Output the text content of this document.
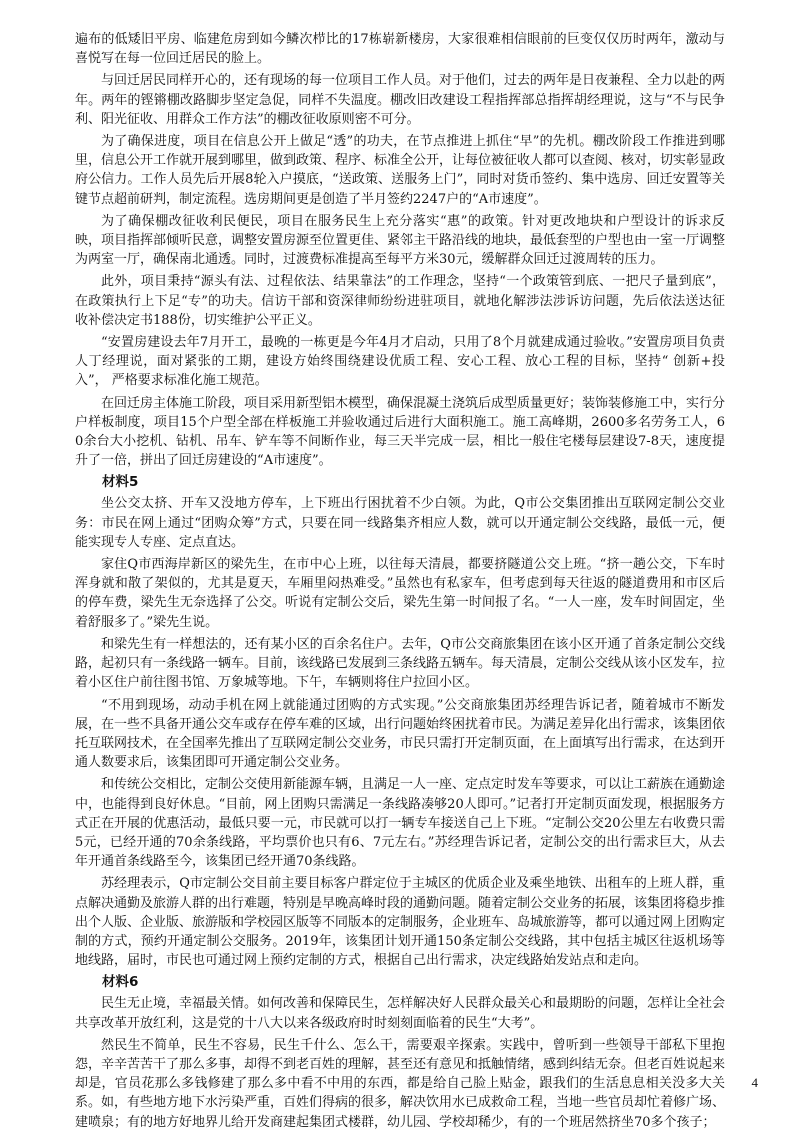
遍布的低矮旧平房、临建危房到如今鳞次栉比的17栋崭新楼房，大家很难相信眼前的巨变仅仅历时两年，激动与喜悦写在每一位回迁居民的脸上。

与回迁居民同样开心的，还有现场的每一位项目工作人员。对于他们，过去的两年是日夜兼程、全力以赴的两年。两年的铿锵棚改路脚步坚定急促，同样不失温度。棚改旧改建设工程指挥部总指挥胡经理说，这与“不与民争利、阳光征收、用群众工作方法”的棚改征收原则密不可分。

为了确保进度，项目在信息公开上做足“透”的功夫，在节点推进上抓住“早”的先机。棚改阶段工作推进到哪里，信息公开工作就开展到哪里，做到政策、程序、标准全公开，让每位被征收人都可以查阅、核对，切实彰显政府公信力。工作人员先后开展8轮入户摸底，“送政策、送服务上门”，同时对货币签约、集中选房、回迁安置等关键节点超前研判，制定流程。选房期间更是创造了半月签约2247户的“A市速度”。

为了确保棚改征收利民便民，项目在服务民生上充分落实“惠”的政策。针对更改地块和户型设计的诉求反映，项目指挥部倾听民意，调整安置房源至位置更佳、紧邻主干路沿线的地块，最低套型的户型也由一室一厅调整为两室一厅，确保南北通透。同时，过渡费标准提高至每平方米30元，缓解群众回迁过渡周转的压力。

此外，项目秉持“源头有法、过程依法、结果靠法”的工作理念，坚持“一个政策管到底、一把尺子量到底”，在政策执行上下足“专”的功夫。信访干部和资深律师纷纷进驻项目，就地化解涉法涉诉访问题，先后依法送达征收补偿决定书188份，切实维护公平正义。

“安置房建设去年7月开工，最晚的一栋更是今年4月才启动，只用了8个月就建成通过验收。”安置房项目负责人丁经理说，面对紧张的工期，建设方始终围绕建设优质工程、安心工程、放心工程的目标，坚持“ 创新+投入”， 严格要求标准化施工规范。

在回迁房主体施工阶段，项目采用新型铝木模型，确保混凝土浇筑后成型质量更好；装饰装修施工中，实行分户样板制度，项目15个户型全部在样板施工并验收通过后进行大面积施工。施工高峰期，2600多名劳务工人，60余台大小挖机、钻机、吊车、铲车等不间断作业，每三天半完成一层，相比一般住宅楼每层建设7-8天，速度提升了一倍，拼出了回迁房建设的“A市速度”。

材料5

坐公交太挤、开车又没地方停车，上下班出行困扰着不少白领。为此，Q市公交集团推出互联网定制公交业务：市民在网上通过“团购众筹”方式，只要在同一线路集齐相应人数，就可以开通定制公交线路，最低一元，便能实现专人专座、定点直达。

家住Q市西海岸新区的梁先生，在市中心上班，以往每天清晨，都要挤隧道公交上班。“挤一趟公交，下车时浑身就和散了架似的，尤其是夏天，车厢里闷热难受。”虽然也有私家车，但考虑到每天往返的隧道费用和市区后的停车费，梁先生无奈选择了公交。听说有定制公交后，梁先生第一时间报了名。“一人一座，发车时间固定，坐着舒服多了。”梁先生说。

和梁先生有一样想法的，还有某小区的百余名住户。去年，Q市公交商旅集团在该小区开通了首条定制公交线路，起初只有一条线路一辆车。目前，该线路已发展到三条线路五辆车。每天清晨，定制公交线从该小区发车，拉着小区住户前往图书馆、万象城等地。下午，车辆则将住户拉回小区。

“不用到现场，动动手机在网上就能通过团购的方式实现。”公交商旅集团苏经理告诉记者，随着城市不断发展，在一些不具备开通公交车或存在停车难的区域，出行问题始终困扰着市民。为满足差异化出行需求，该集团依托互联网技术，在全国率先推出了互联网定制公交业务，市民只需打开定制页面，在上面填写出行需求，在达到开通人数要求后，该集团即可开通定制公交业务。

和传统公交相比，定制公交使用新能源车辆，且满足一人一座、定点定时发车等要求，可以让工薪族在通勤途中，也能得到良好休息。“目前，网上团购只需满足一条线路凑够20人即可。”记者打开定制页面发现，根据服务方式正在开展的优惠活动，最低只要一元，市民就可以打一辆专车接送自己上下班。“定制公交20公里左右收费只需5元，已经开通的70余条线路，平均票价也只有6、7元左右。”苏经理告诉记者，定制公交的出行需求巨大，从去年开通首条线路至今，该集团已经开通70条线路。

苏经理表示，Q市定制公交目前主要目标客户群定位于主城区的优质企业及乘坐地铁、出租车的上班人群，重点解决通勤及旅游人群的出行难题，特别是早晚高峰时段的通勤问题。随着定制公交业务的拓展，该集团将稳步推出个人版、企业版、旅游版和学校园区版等不同版本的定制服务，企业班车、岛城旅游等，都可以通过网上团购定制的方式，预约开通定制公交服务。2019年，该集团计划开通150条定制公交线路，其中包括主城区往返机场等地线路，届时，市民也可通过网上预约定制的方式，根据自己出行需求，决定线路始发站点和走向。

材料6

民生无止境，幸福最关情。如何改善和保障民生，怎样解决好人民群众最关心和最期盼的问题，怎样让全社会共享改革开放红利，这是党的十八大以来各级政府时时刻刻面临着的民生“大考”。

然民生不简单，民生不容易，民生千什么、怎么干，需要艰辛探索。实践中，曾听到一些领导干部私下里抱怨，辛辛苦苦干了那么多事，却得不到老百姓的理解，甚至还有意见和抵触情绪，感到纠结无奈。但老百姓说起来却是，官员花那么多钱修建了那么多中看不中用的东西，都是给自己脸上贴金，跟我们的生活息息相关没多大关系。如，有些地方地下水污染严重，百姓们得病的很多，解决饮用水已成救命工程，当地一些官员却忙着修广场、建喷泉；有的地方好地界儿给开发商建起集团式楼群，幼儿园、学校却稀少，有的一个班居然挤坐70多个孩子；

4
